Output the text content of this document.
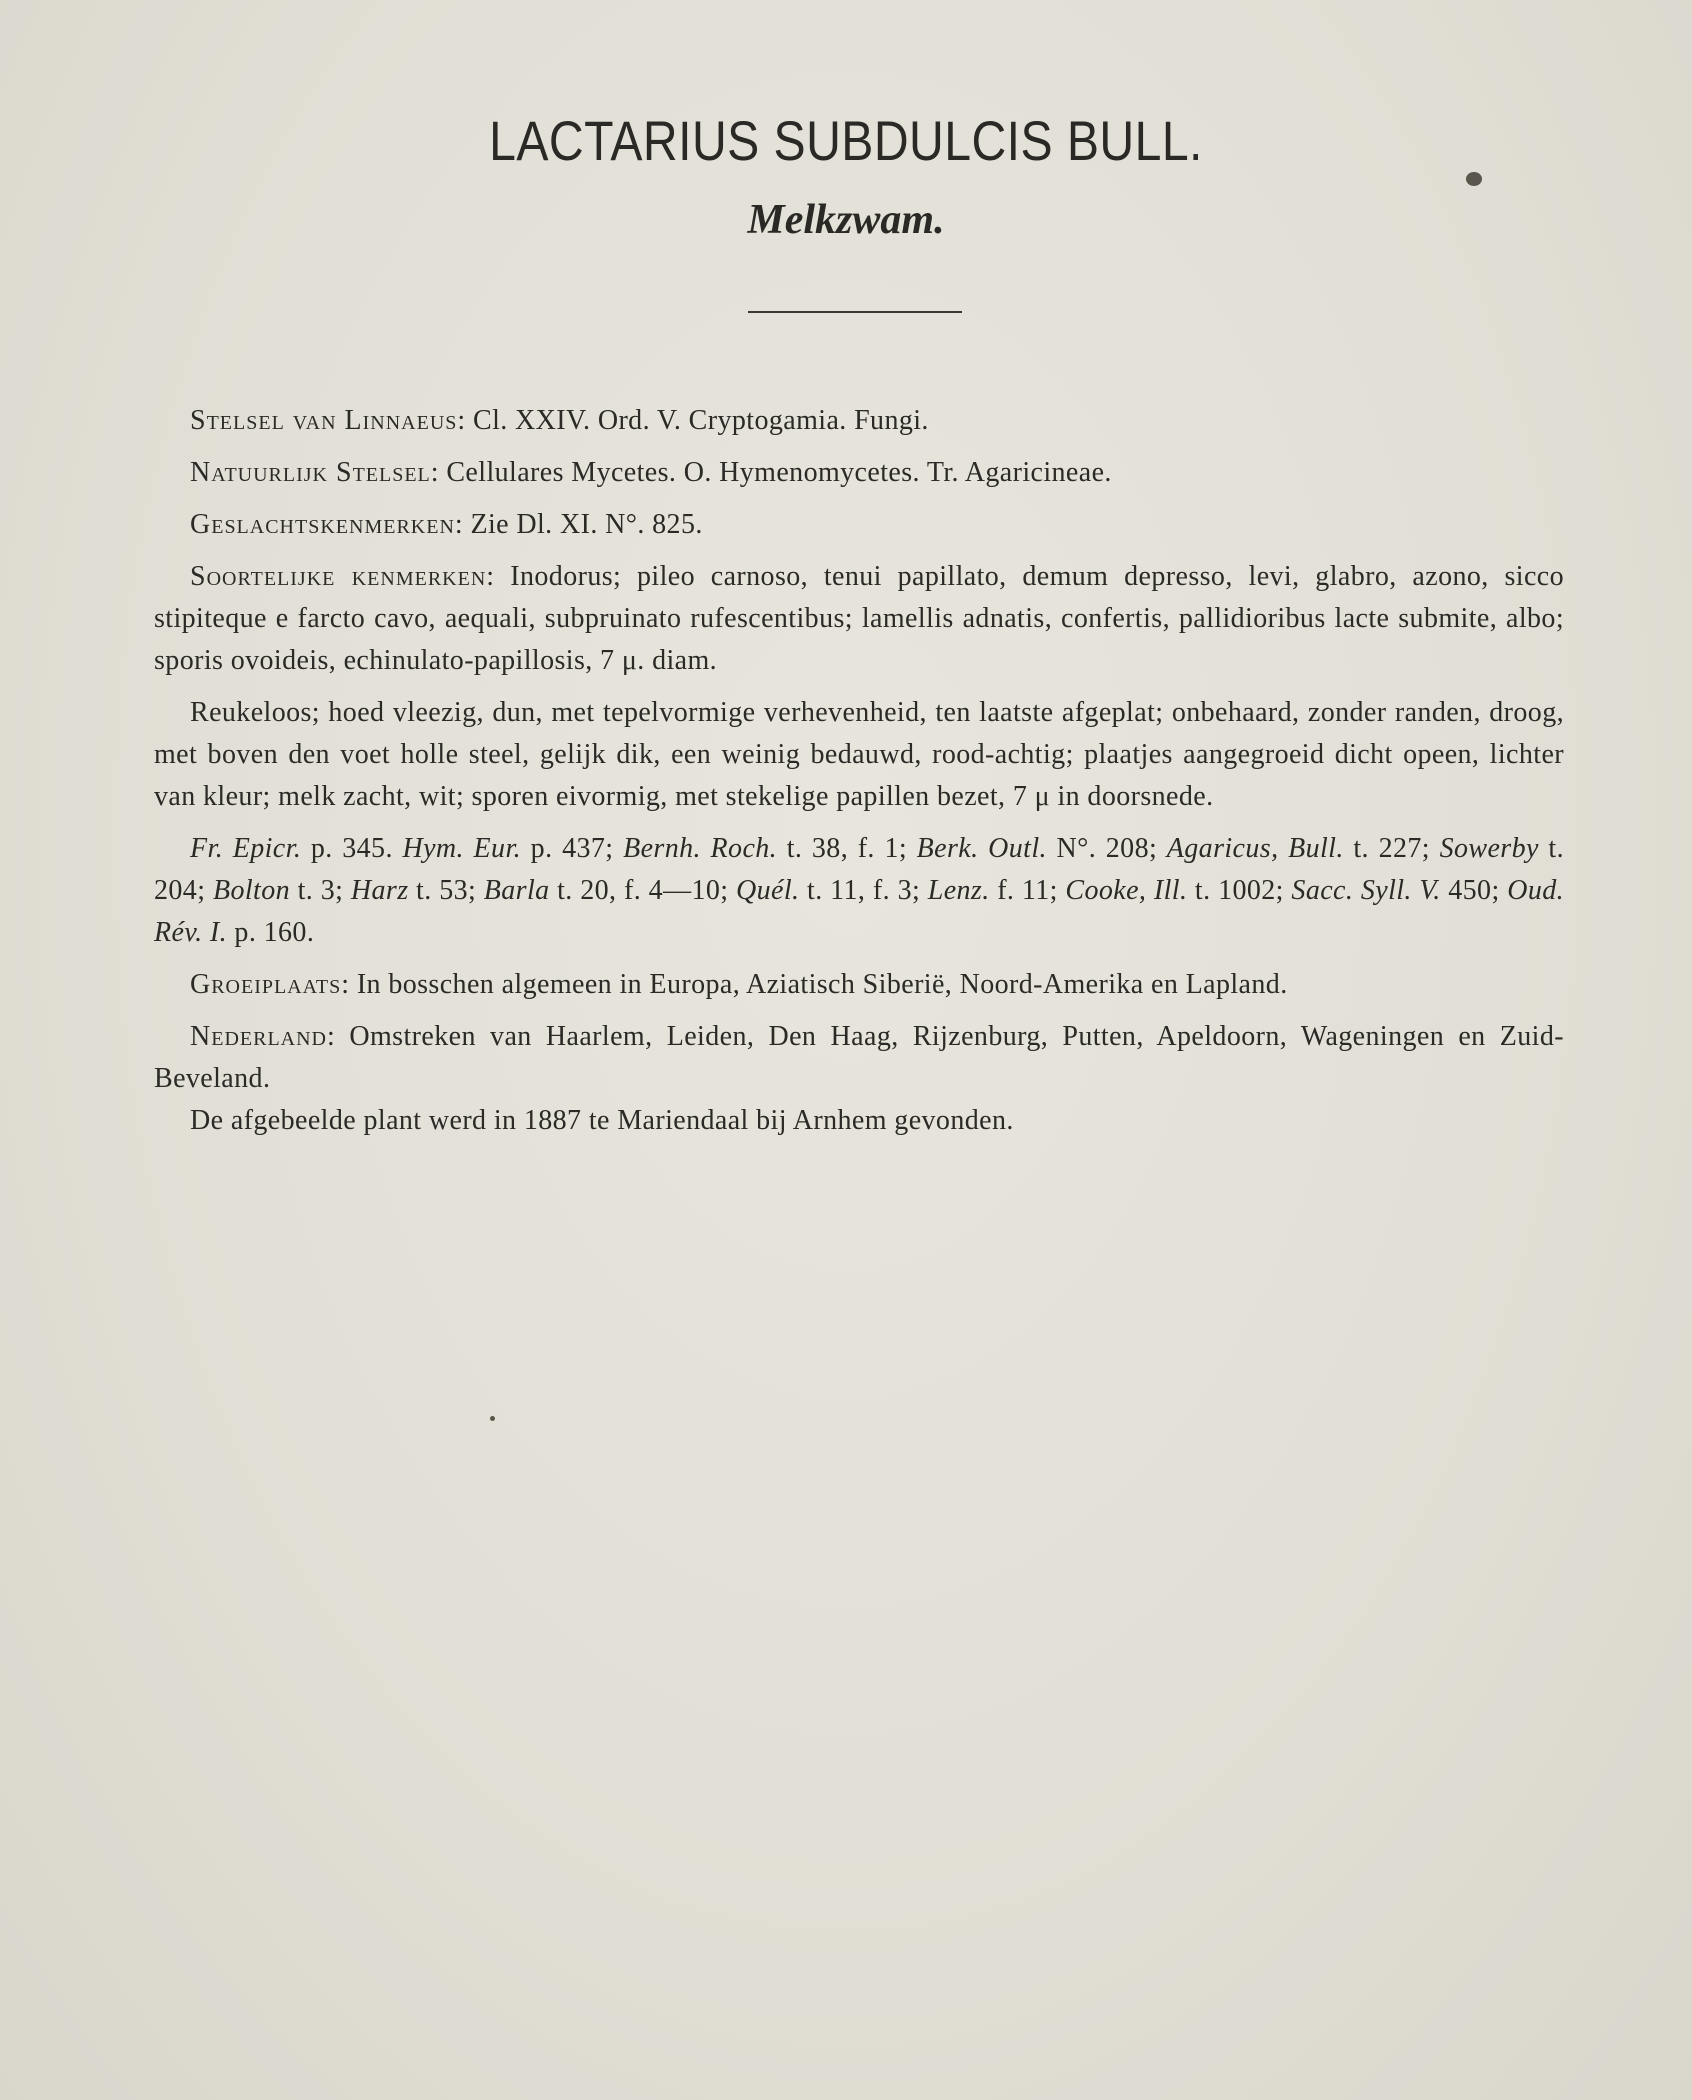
LACTARIUS SUBDULCIS BULL.
Melkzwam.

Stelsel van Linnaeus: Cl. XXIV. Ord. V. Cryptogamia. Fungi.

Natuurlijk Stelsel: Cellulares Mycetes. O. Hymenomycetes. Tr. Agaricineae.

Geslachtskenmerken: Zie Dl. XI. N°. 825.

Soortelijke kenmerken: Inodorus; pileo carnoso, tenui papillato, demum depresso, levi, glabro, azono, sicco stipiteque e farcto cavo, aequali, subpruinato rufescentibus; lamellis adnatis, confertis, pallidioribus lacte submite, albo; sporis ovoideis, echinulato-papillosis, 7 μ. diam.

Reukeloos; hoed vleezig, dun, met tepelvormige verhevenheid, ten laatste afgeplat; onbehaard, zonder randen, droog, met boven den voet holle steel, gelijk dik, een weinig bedauwd, rood-achtig; plaatjes aangegroeid dicht opeen, lichter van kleur; melk zacht, wit; sporen eivormig, met stekelige papillen bezet, 7 μ in doorsnede.

Fr. Epicr. p. 345. Hym. Eur. p. 437; Bernh. Roch. t. 38, f. 1; Berk. Outl. N°. 208; Agaricus, Bull. t. 227; Sowerby t. 204; Bolton t. 3; Harz t. 53; Barla t. 20, f. 4—10; Quél. t. 11, f. 3; Lenz. f. 11; Cooke, Ill. t. 1002; Sacc. Syll. V. 450; Oud. Rév. I. p. 160.

Groeiplaats: In bosschen algemeen in Europa, Aziatisch Siberië, Noord-Amerika en Lapland.

Nederland: Omstreken van Haarlem, Leiden, Den Haag, Rijzenburg, Putten, Apeldoorn, Wageningen en Zuid-Beveland.

De afgebeelde plant werd in 1887 te Mariendaal bij Arnhem gevonden.
